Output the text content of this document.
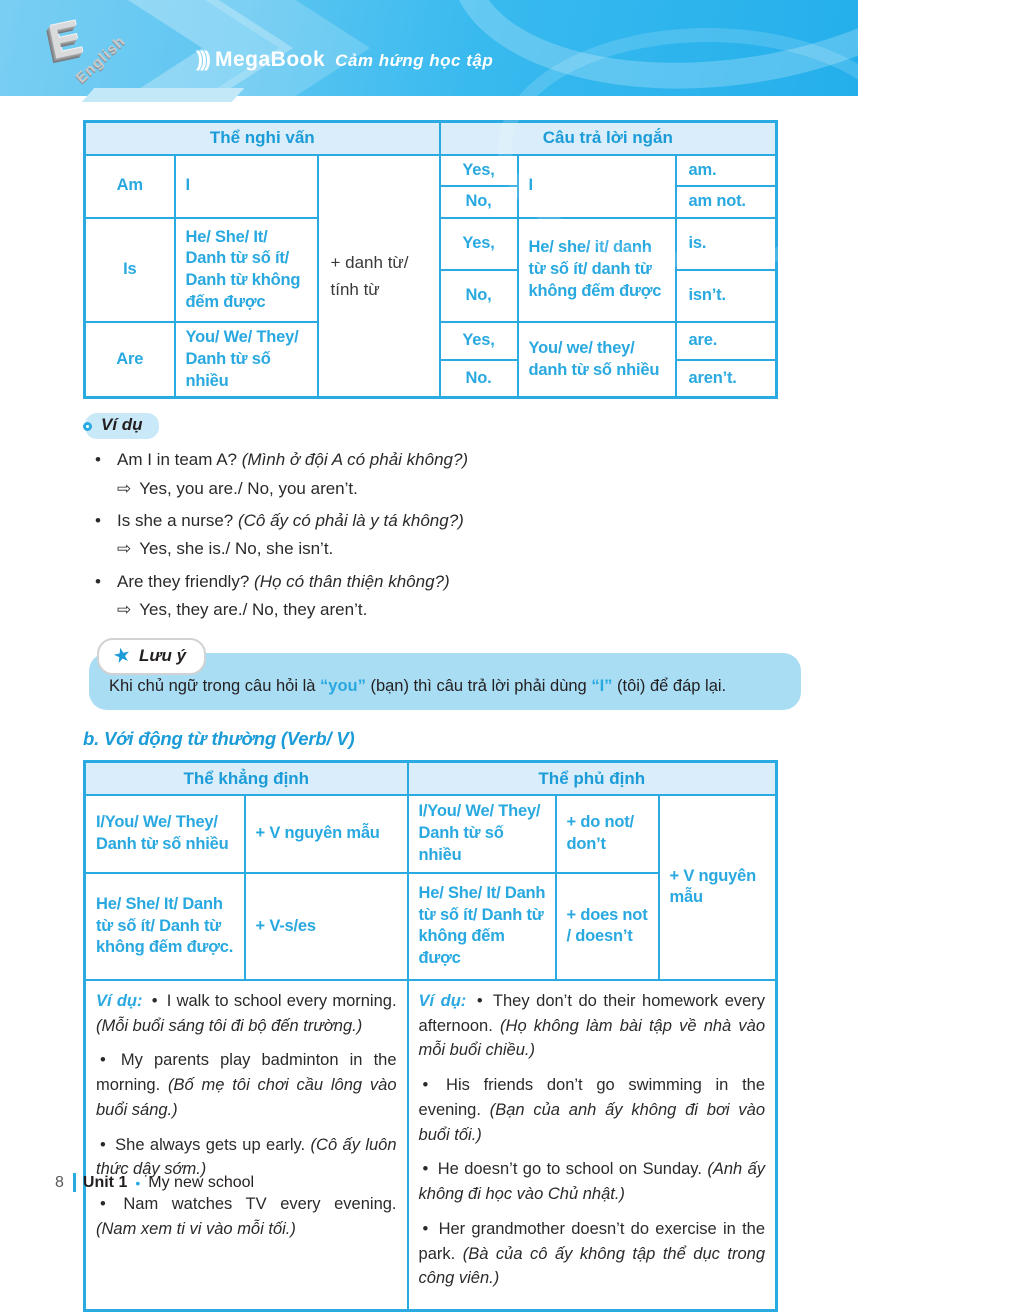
E
English	))) MegaBook Cảm hứng học tập
Thể nghi vấn			Câu trả lời ngắn		
Am	I	+ danh từ/ tính từ	Yes,	I	am.
			No,		am not.
Is	He/ She/ It/ Danh từ số ít/ Danh từ không đếm được		Yes,	He/ she/ it/ danh từ số ít/ danh từ không đếm được	is.
			No,		isn’t.
Are	You/ We/ They/ Danh từ số nhiều		Yes,	You/ we/ they/ danh từ số nhiều	are.
			No.		aren’t.
Ví dụ
• Am I in team A? (Mình ở đội A có phải không?)
⇨ Yes, you are./ No, you aren’t.
• Is she a nurse? (Cô ấy có phải là y tá không?)
⇨ Yes, she is./ No, she isn’t.
• Are they friendly? (Họ có thân thiện không?)
⇨ Yes, they are./ No, they aren’t.
★ Lưu ý
Khi chủ ngữ trong câu hỏi là “you” (bạn) thì câu trả lời phải dùng “I” (tôi) để đáp lại.
b. Với động từ thường (Verb/ V)
Thể khẳng định		Thể phủ định		
I/You/ We/ They/ Danh từ số nhiều	+ V nguyên mẫu	I/You/ We/ They/ Danh từ số nhiều	+ do not/ don’t	+ V nguyên mẫu
He/ She/ It/ Danh từ số ít/ Danh từ không đếm được.	+ V-s/es	He/ She/ It/ Danh từ số ít/ Danh từ không đếm được	+ does not / doesn’t	

Ví dụ: • I walk to school every morning. (Mỗi buổi sáng tôi đi bộ đến trường.)

• My parents play badminton in the morning. (Bố mẹ tôi chơi cầu lông vào buổi sáng.)

• She always gets up early. (Cô ấy luôn thức dậy sớm.)

• Nam watches TV every evening. (Nam xem ti vi vào mỗi tối.)

Ví dụ: • They don’t do their homework every afternoon. (Họ không làm bài tập về nhà vào mỗi buổi chiều.)

• His friends don’t go swimming in the evening. (Bạn của anh ấy không đi bơi vào buổi tối.)

• He doesn’t go to school on Sunday. (Anh ấy không đi học vào Chủ nhật.)

• Her grandmother doesn’t do exercise in the park. (Bà của cô ấy không tập thể dục trong công viên.)

8 Unit 1 • My new school
